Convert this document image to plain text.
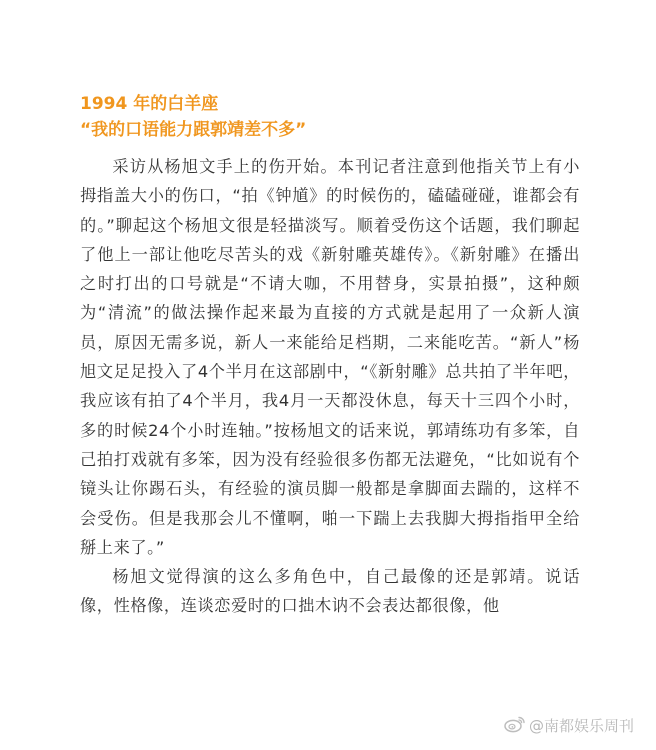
1994 年的白羊座
“我的口语能力跟郭靖差不多”

采访从杨旭文手上的伤开始。本刊记者注意到他指关节上有小拇指盖大小的伤口，“拍《钟馗》的时候伤的，磕磕碰碰，谁都会有的。”聊起这个杨旭文很是轻描淡写。顺着受伤这个话题，我们聊起了他上一部让他吃尽苦头的戏《新射雕英雄传》。《新射雕》在播出之时打出的口号就是“不请大咖，不用替身，实景拍摄”，这种颇为“清流”的做法操作起来最为直接的方式就是起用了一众新人演员，原因无需多说，新人一来能给足档期，二来能吃苦。“新人”杨旭文足足投入了4个半月在这部剧中，“《新射雕》总共拍了半年吧，我应该有拍了4个半月，我4月一天都没休息，每天十三四个小时，多的时候24个小时连轴。”按杨旭文的话来说，郭靖练功有多笨，自己拍打戏就有多笨，因为没有经验很多伤都无法避免，“比如说有个镜头让你踢石头，有经验的演员脚一般都是拿脚面去踹的，这样不会受伤。但是我那会儿不懂啊，啪一下踹上去我脚大拇指指甲全给掰上来了。”

杨旭文觉得演的这么多角色中，自己最像的还是郭靖。说话像，性格像，连谈恋爱时的口拙木讷不会表达都很像，他

@南都娱乐周刊
